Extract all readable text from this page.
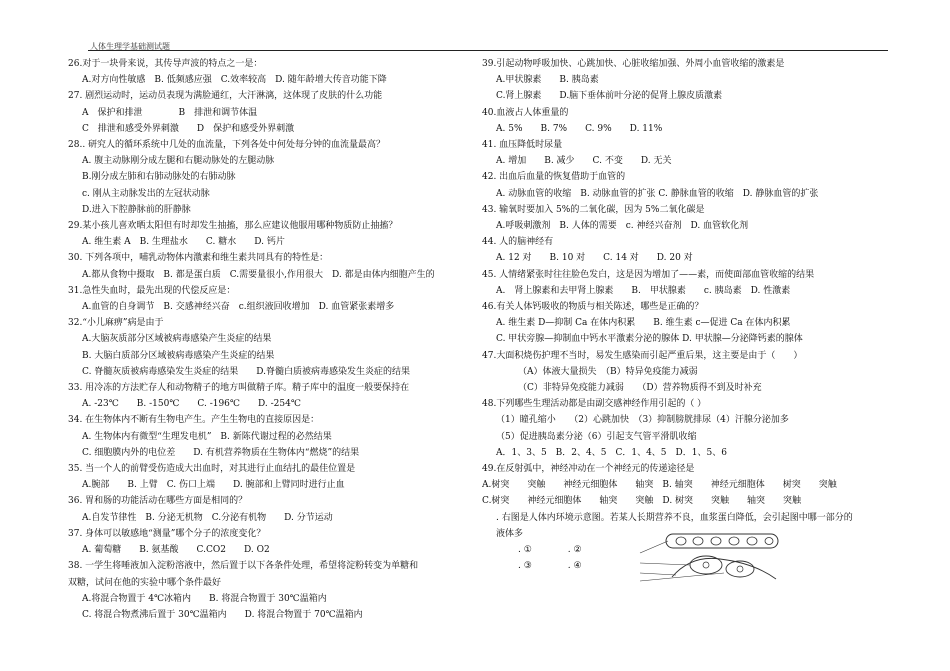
人体生理学基础测试题
26.对于一块骨来说，其传导声波的特点之一是：
A.对方向性敏感　B. 低频感应强　C.效率较高　D. 随年龄增大传音功能下降
27. 剧烈运动时，运动员表现为满脸通红，大汗淋漓，这体现了皮肤的什么功能
A　保护和排泄　　　　B　排泄和调节体温
C　排泄和感受外界刺激　　D　保护和感受外界刺激
28.. 研究人的循环系统中几处的血流量，下列各处中何处每分钟的血流量最高？
A. 腹主动脉刚分成左腿和右腿动脉处的左腿动脉
B.刚分成左肺和右肺动脉处的右肺动脉
c. 刚从主动脉发出的左冠状动脉
D.进入下腔静脉前的肝静脉
29.某小孩儿喜欢晒太阳但有时却发生抽搐，那么应建议他服用哪种物质防止抽搐？
A. 维生素 A　B. 生理盐水　　C. 糖水　　D. 钙片
30. 下列各项中，哺乳动物体内激素和维生素共同具有的特性是：
A.都从食物中摄取　B. 都是蛋白质　C.需要量很小,作用很大　D. 都是由体内细胞产生的
31.急性失血时，最先出现的代偿反应是：
A.血管的自身调节　B. 交感神经兴奋　c.组织液回收增加　D. 血管紧张素增多
32.“小儿麻痹”病是由于
A.大脑灰质部分区域被病毒感染产生炎症的结果
B. 大脑白质部分区域被病毒感染产生炎症的结果
C. 脊髓灰质被病毒感染发生炎症的结果　　D.脊髓白质被病毒感染发生炎症的结果
33. 用冷冻的方法贮存人和动物精子的地方叫做精子库。精子库中的温度一般要保持在
A. -23℃　　B. -150℃　　C. -196℃　　D. -254℃
34. 在生物体内不断有生物电产生。产生生物电的直接原因是：
A. 生物体内有微型“生理发电机”　B. 新陈代谢过程的必然结果
C. 细胞膜内外的电位差　　D. 有机营养物质在生物体内“燃烧”的结果
35. 当一个人的前臂受伤造成大出血时，对其进行止血结扎的最佳位置是
A.腕部　　B. 上臂　C. 伤口上端　　D. 腕部和上臂同时进行止血
36. 胃和肠的功能活动在哪些方面是相同的？
A.自发节律性　B. 分泌无机物　C.分泌有机物　　D. 分节运动
37. 身体可以敏感地“测量”哪个分子的浓度变化？
A. 葡萄糖　　B. 氨基酸　　C.CO2　　D. O2
38. 一学生将唾液加入淀粉溶液中，然后置于以下各条件处理，希望将淀粉转变为单糖和
双糖，试问在他的实验中哪个条件最好
A.将混合物置于 4℃冰箱内　　B. 将混合物置于 30℃温箱内
C. 将混合物煮沸后置于 30℃温箱内　　D. 将混合物置于 70℃温箱内
39.引起动物呼吸加快、心跳加快、心脏收缩加强、外周小血管收缩的激素是
A.甲状腺素　　B. 胰岛素
C.肾上腺素　　D.脑下垂体前叶分泌的促肾上腺皮质激素
40.血液占人体重量的
A. 5%　　B. 7%　　C. 9%　　D. 11%
41. 血压降低时尿量
A. 增加　　B. 减少　　C. 不变　　D. 无关
42. 出血后血量的恢复借助于血管的
A. 动脉血管的收缩　B. 动脉血管的扩张 C. 静脉血管的收缩　D. 静脉血管的扩张
43. 输氧时要加入 5%的二氧化碳，因为 5%二氧化碳是
A.呼吸刺激剂　B. 人体的需要　c. 神经兴奋剂　D. 血管软化剂
44. 人的脑神经有
A. 12 对　　B. 10 对　　C. 14 对　　D. 20 对
45. 人情绪紧张时往往脸色发白，这是因为增加了——素，而使面部血管收缩的结果
A.　肾上腺素和去甲肾上腺素　　B.　甲状腺素　　c. 胰岛素　D. 性激素
46.有关人体钙吸收的物质与相关陈述，哪些是正确的？
A. 维生素 D—抑制 Ca 在体内积累　　B. 维生素 c—促进 Ca 在体内积累
C. 甲状旁腺—抑制血中钙水平激素分泌的腺体 D. 甲状腺—分泌降钙素的腺体
47.大面积烧伤护理不当时，易发生感染而引起严重后果，这主要是由于（　　）
（A）体液大量损失　（B）特异免疫能力减弱
（C）非特异免疫能力减弱　　（D）营养物质得不到及时补充
48.下列哪些生理活动都是由副交感神经作用引起的（ ）
（1）瞳孔缩小　　（2）心跳加快　（3）抑制膀胱排尿（4）汗腺分泌加多
（5）促进胰岛素分泌（6）引起支气管平滑肌收缩
A．1、3、5　B．2、4、5　C．1、4、5　D．1、5、6
49.在反射弧中，神经冲动在一个神经元的传递途径是
A.树突　　突触　　神经元细胞体　　轴突　B. 轴突　　神经元细胞体　　树突　　突触
C.树突　　神经元细胞体　　轴突　　突触　D. 树突　　突触　　轴突　　突触
. 右图是人体内环境示意图。若某人长期营养不良，血浆蛋白降低，会引起图中哪一部分的
液体多
. ①　　　　. ②
. ③　　　　. ④
